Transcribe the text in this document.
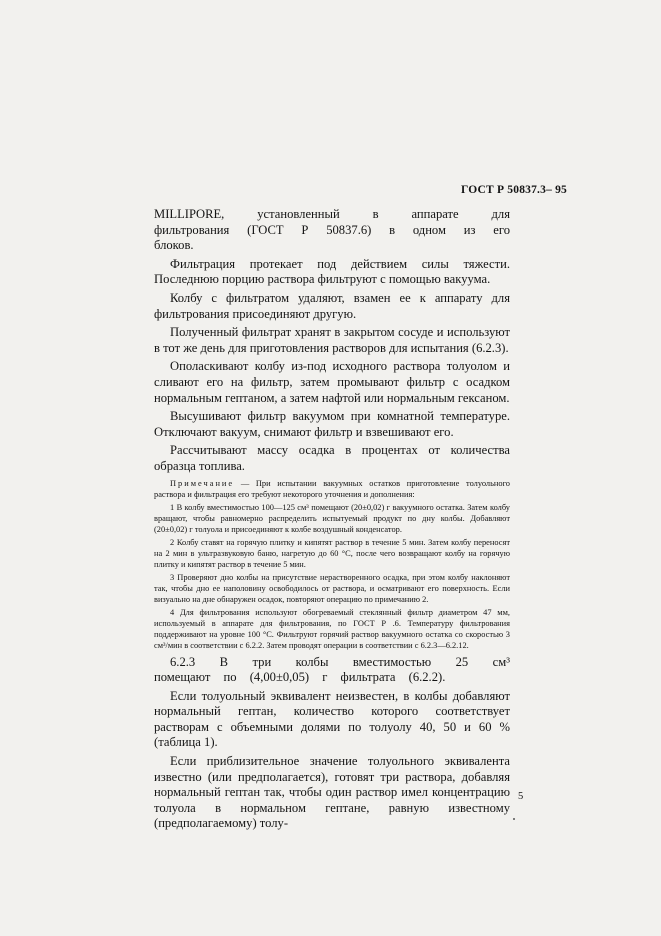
ГОСТ Р 50837.3– 95

MILLIPORE, установленный в аппарате для фильтрования (ГОСТ Р 50837.6) в одном из его блоков.

Фильтрация протекает под действием силы тяжести. Последнюю порцию раствора фильтруют с помощью вакуума.

Колбу с фильтратом удаляют, взамен ее к аппарату для фильтрования присоединяют другую.

Полученный фильтрат хранят в закрытом сосуде и используют в тот же день для приготовления растворов для испытания (6.2.3).

Ополаскивают колбу из-под исходного раствора толуолом и сливают его на фильтр, затем промывают фильтр с осадком нормальным гептаном, а затем нафтой или нормальным гексаном.

Высушивают фильтр вакуумом при комнатной температуре. Отключают вакуум, снимают фильтр и взвешивают его.

Рассчитывают массу осадка в процентах от количества образца топлива.

Примечание — При испытании вакуумных остатков приготовление толуольного раствора и фильтрация его требуют некоторого уточнения и дополнения:

1 В колбу вместимостью 100—125 см³ помещают (20±0,02) г вакуумного остатка. Затем колбу вращают, чтобы равномерно распределить испытуемый продукт по дну колбы. Добавляют (20±0,02) г толуола и присоединяют к колбе воздушный конденсатор.

2 Колбу ставят на горячую плитку и кипятят раствор в течение 5 мин. Затем колбу переносят на 2 мин в ультразвуковую баню, нагретую до 60 °С, после чего возвращают колбу на горячую плитку и кипятят раствор в течение 5 мин.

3 Проверяют дно колбы на присутствие нерастворенного осадка, при этом колбу наклоняют так, чтобы дно ее наполовину освободилось от раствора, и осматривают его поверхность. Если визуально на дне обнаружен осадок, повторяют операцию по примечанию 2.

4 Для фильтрования используют обогреваемый стеклянный фильтр диаметром 47 мм, используемый в аппарате для фильтрования, по ГОСТ Р .6. Температуру фильтрования поддерживают на уровне 100 °С. Фильтруют горячий раствор вакуумного остатка со скоростью 3 см³/мин в соответствии с 6.2.2. Затем проводят операции в соответствии с 6.2.3—6.2.12.

6.2.3 В три колбы вместимостью 25 см³ помещают по (4,00±0,05) г фильтрата (6.2.2).

Если толуольный эквивалент неизвестен, в колбы добавляют нормальный гептан, количество которого соответствует растворам с объемными долями по толуолу 40, 50 и 60 % (таблица 1).

Если приблизительное значение толуольного эквивалента известно (или предполагается), готовят три раствора, добавляя нормальный гептан так, чтобы один раствор имел концентрацию толуола в нормальном гептане, равную известному (предполагаемому) толу-

5
